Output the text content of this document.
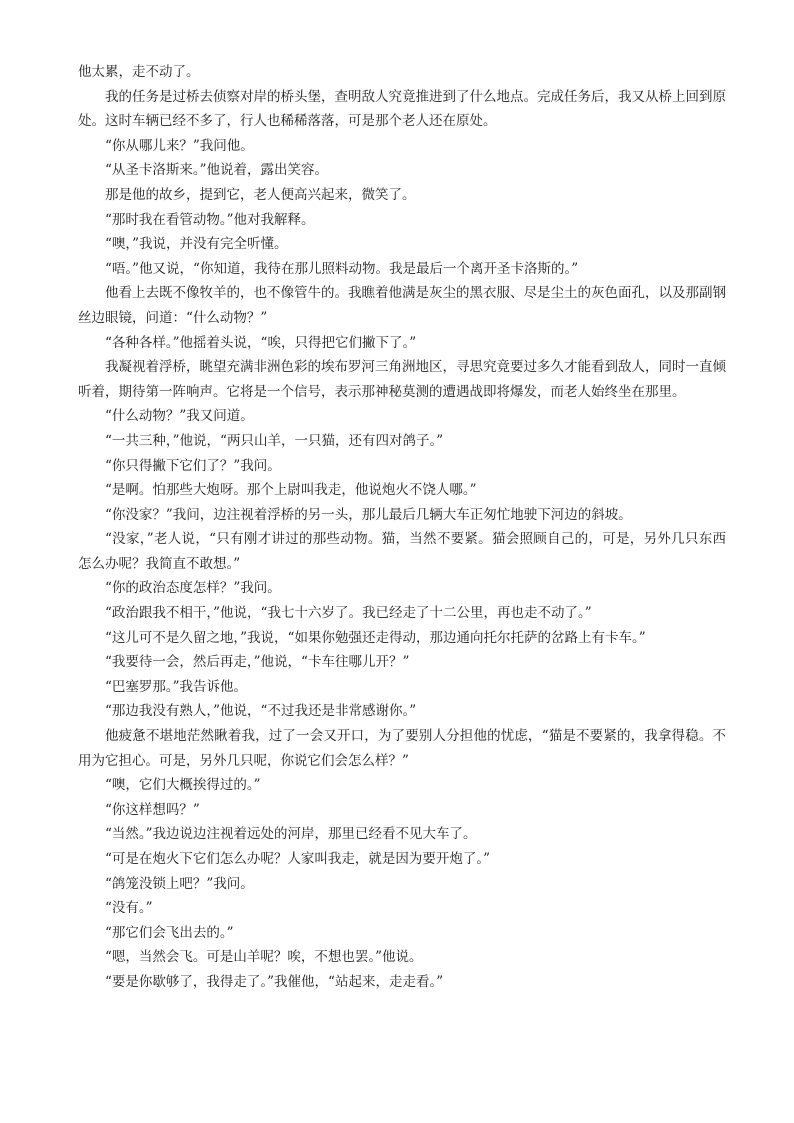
他太累，走不动了。

我的任务是过桥去侦察对岸的桥头堡，查明敌人究竟推进到了什么地点。完成任务后，我又从桥上回到原处。这时车辆已经不多了，行人也稀稀落落，可是那个老人还在原处。

“你从哪儿来？”我问他。

“从圣卡洛斯来。”他说着，露出笑容。

那是他的故乡，提到它，老人便高兴起来，微笑了。

“那时我在看管动物。”他对我解释。

“噢，”我说，并没有完全听懂。

“唔。”他又说，“你知道，我待在那儿照料动物。我是最后一个离开圣卡洛斯的。”

他看上去既不像牧羊的，也不像管牛的。我瞧着他满是灰尘的黑衣服、尽是尘土的灰色面孔，以及那副钢丝边眼镜，问道：“什么动物？”

“各种各样。”他摇着头说，“唉，只得把它们撇下了。”

我凝视着浮桥，眺望充满非洲色彩的埃布罗河三角洲地区，寻思究竟要过多久才能看到敌人，同时一直倾听着，期待第一阵响声。它将是一个信号，表示那神秘莫测的遭遇战即将爆发，而老人始终坐在那里。

“什么动物？”我又问道。

“一共三种，”他说，“两只山羊，一只猫，还有四对鸽子。”

“你只得撇下它们了？”我问。

“是啊。怕那些大炮呀。那个上尉叫我走，他说炮火不饶人哪。”

“你没家？”我问，边注视着浮桥的另一头，那儿最后几辆大车正匆忙地驶下河边的斜坡。

“没家，”老人说，“只有刚才讲过的那些动物。猫，当然不要紧。猫会照顾自己的，可是，另外几只东西怎么办呢？我简直不敢想。”

“你的政治态度怎样？”我问。

“政治跟我不相干，”他说，“我七十六岁了。我已经走了十二公里，再也走不动了。”

“这儿可不是久留之地，”我说，“如果你勉强还走得动，那边通向托尔托萨的岔路上有卡车。”

“我要待一会，然后再走，”他说，“卡车往哪儿开？”

“巴塞罗那。”我告诉他。

“那边我没有熟人，”他说，“不过我还是非常感谢你。”

他疲惫不堪地茫然瞅着我，过了一会又开口，为了要别人分担他的忧虑，“猫是不要紧的，我拿得稳。不用为它担心。可是，另外几只呢，你说它们会怎么样？”

“噢，它们大概挨得过的。”

“你这样想吗？”

“当然。”我边说边注视着远处的河岸，那里已经看不见大车了。

“可是在炮火下它们怎么办呢？人家叫我走，就是因为要开炮了。”

“鸽笼没锁上吧？”我问。

“没有。”

“那它们会飞出去的。”

“嗯，当然会飞。可是山羊呢？唉，不想也罢。”他说。

“要是你歇够了，我得走了。”我催他，“站起来，走走看。”
